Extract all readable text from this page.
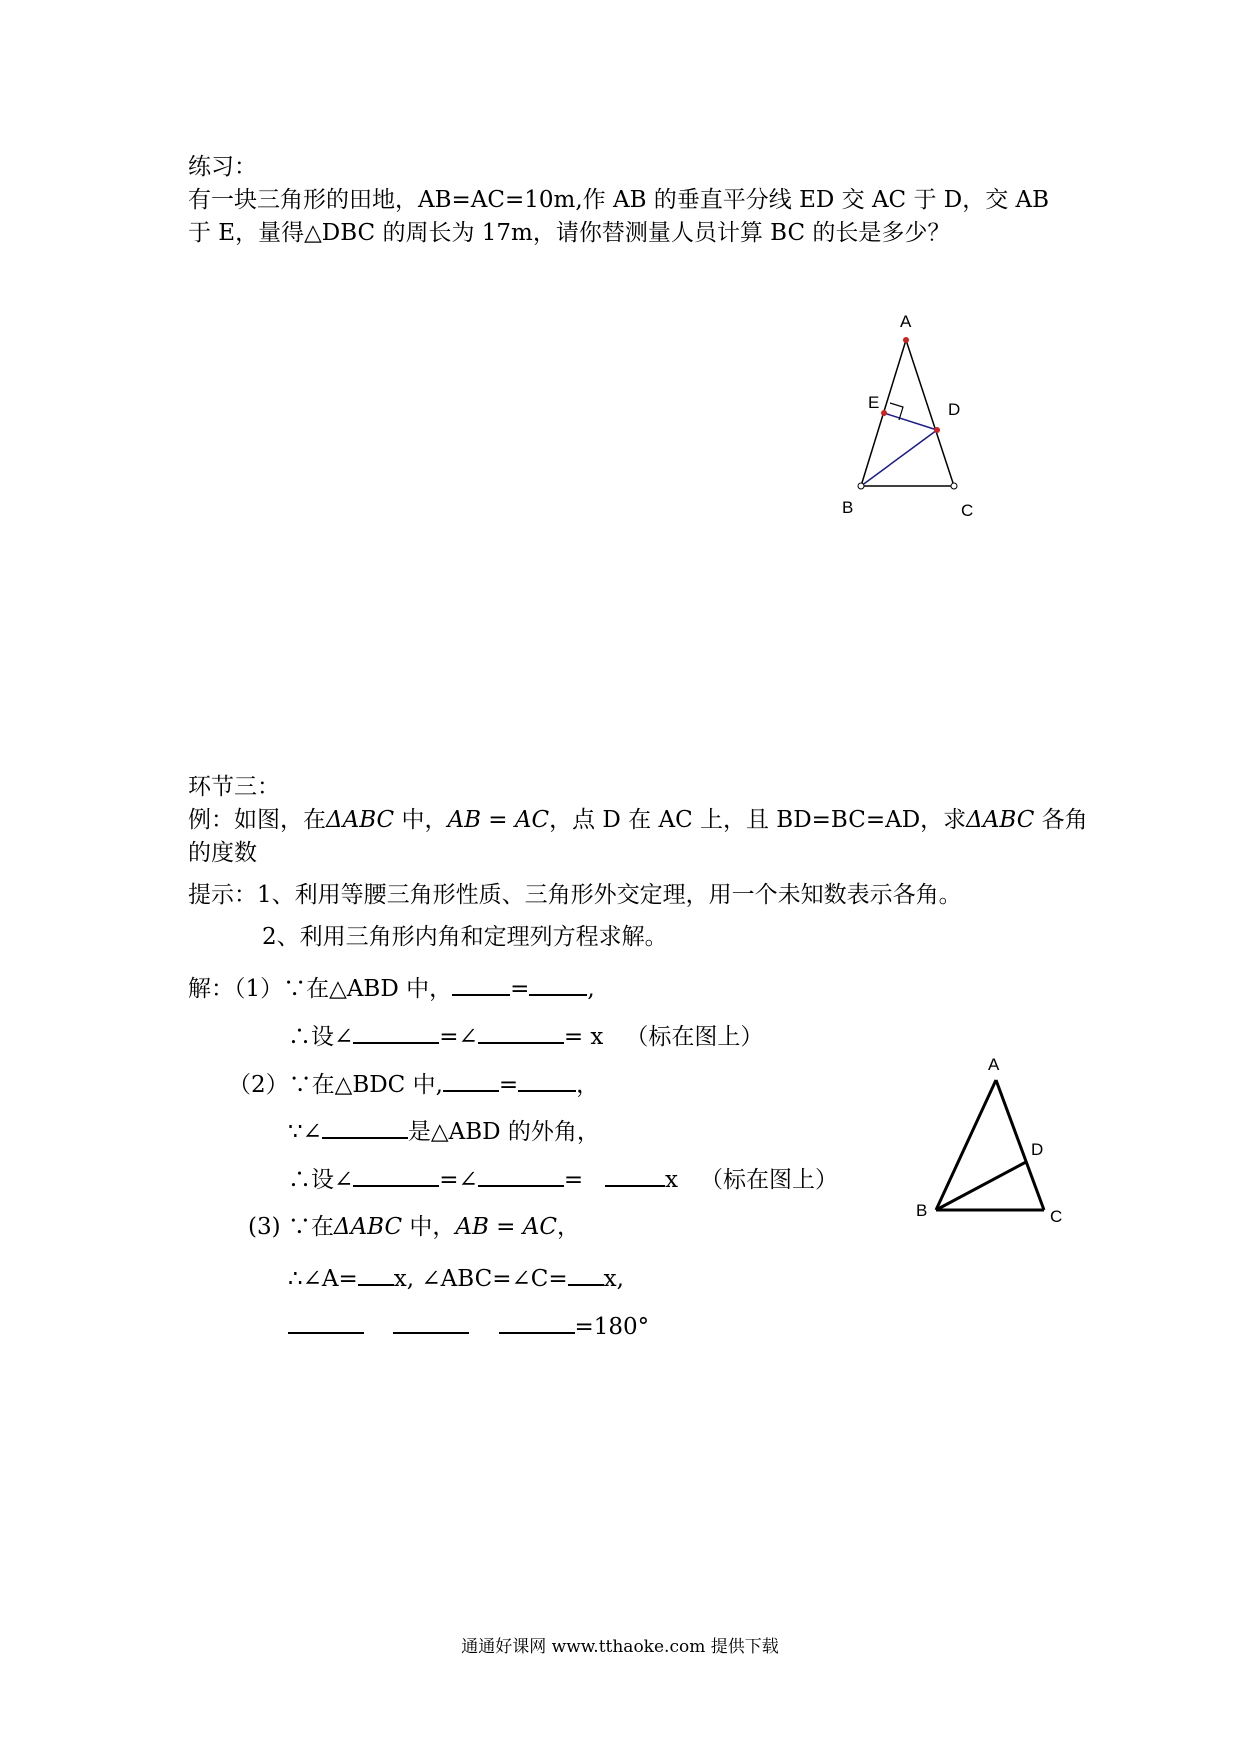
练习：
有一块三角形的田地，AB=AC=10m,作 AB 的垂直平分线 ED 交 AC 于 D，交 AB
于 E，量得△DBC 的周长为 17m，请你替测量人员计算 BC 的长是多少？
A
E	D
B	C
环节三：
例：如图，在ΔABC 中，AB = AC，点 D 在 AC 上，且 BD=BC=AD，求ΔABC 各角
的度数
提示：1、利用等腰三角形性质、三角形外交定理，用一个未知数表示各角。
2、利用三角形内角和定理列方程求解。
解：（1）∵在△ABD 中，	=	,
∴设∠	=∠	= x （标在图上）
（2）∵在△BDC 中, =	，
∵∠	是△ABD 的外角，
∴设∠	=∠	=	x （标在图上）
(3) ∵在ΔABC 中，AB = AC，
∴∠A= x, ∠ABC=∠C= x,
=180°
A
D
B	C
通通好课网 www.tthaoke.com 提供下载
